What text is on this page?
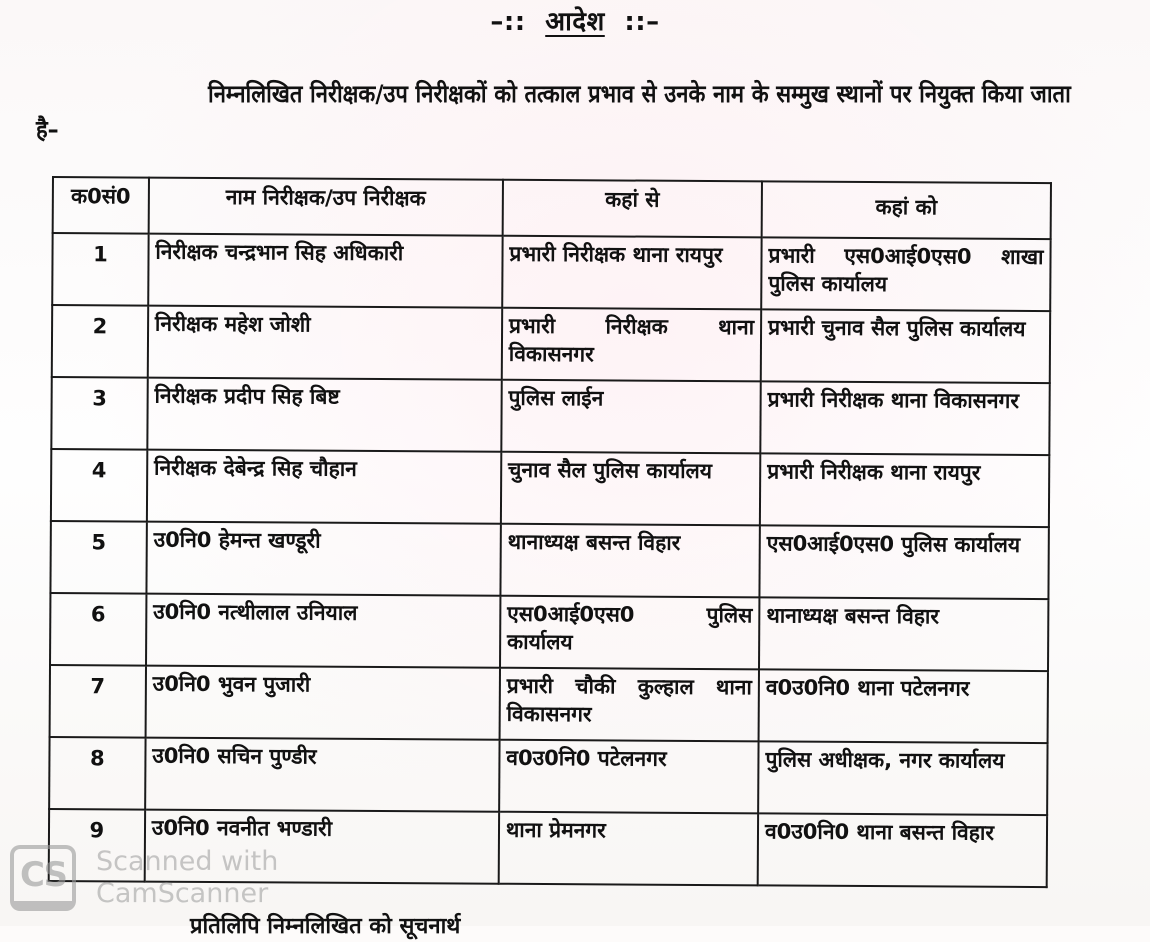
–:: आदेश ::–
निम्नलिखित निरीक्षक/उप निरीक्षकों को तत्काल प्रभाव से उनके नाम के सम्मुख स्थानों पर नियुक्त किया जाता है–
क0सं0	नाम निरीक्षक/उप निरीक्षक	कहां से	कहां को
1	निरीक्षक चन्द्रभान सिह अधिकारी	प्रभारी निरीक्षक थाना रायपुर	प्रभारी एस0आई0एस0 शाखा पुलिस कार्यालय
2	निरीक्षक महेश जोशी	प्रभारी निरीक्षक थाना विकासनगर	प्रभारी चुनाव सैल पुलिस कार्यालय
3	निरीक्षक प्रदीप सिह बिष्ट	पुलिस लाईन	प्रभारी निरीक्षक थाना विकासनगर
4	निरीक्षक देबेन्द्र सिह चौहान	चुनाव सैल पुलिस कार्यालय	प्रभारी निरीक्षक थाना रायपुर
5	उ0नि0 हेमन्त खण्डूरी	थानाध्यक्ष बसन्त विहार	एस0आई0एस0 पुलिस कार्यालय
6	उ0नि0 नत्थीलाल उनियाल	एस0आई0एस0 पुलिस कार्यालय	थानाध्यक्ष बसन्त विहार
7	उ0नि0 भुवन पुजारी	प्रभारी चौकी कुल्हाल थाना विकासनगर	व0उ0नि0 थाना पटेलनगर
8	उ0नि0 सचिन पुण्डीर	व0उ0नि0 पटेलनगर	पुलिस अधीक्षक, नगर कार्यालय
9	उ0नि0 नवनीत भण्डारी	थाना प्रेमनगर	व0उ0नि0 थाना बसन्त विहार
CS	Scanned with
CamScanner
प्रतिलिपि निम्नलिखित को सूचनार्थ
